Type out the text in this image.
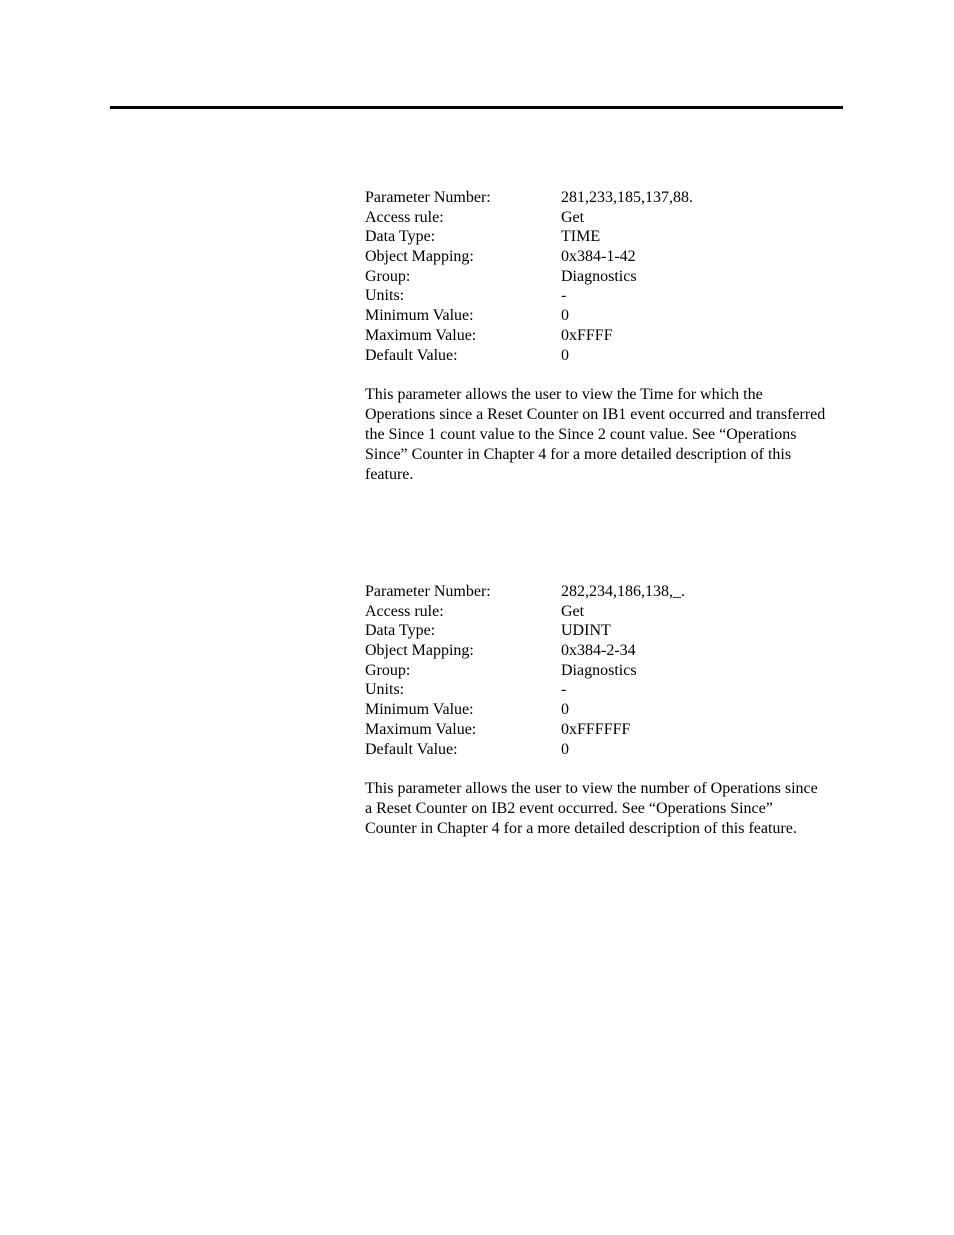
Parameter Number:	281,233,185,137,88.
Access rule:	Get
Data Type:	TIME
Object Mapping:	0x384-1-42
Group:	Diagnostics
Units:	-
Minimum Value:	0
Maximum Value:	0xFFFF
Default Value:	0

This parameter allows the user to view the Time for which the Operations since a Reset Counter on IB1 event occurred and transferred the Since 1 count value to the Since 2 count value. See “Operations Since” Counter in Chapter 4 for a more detailed description of this feature.

Parameter Number:	282,234,186,138,_.
Access rule:	Get
Data Type:	UDINT
Object Mapping:	0x384-2-34
Group:	Diagnostics
Units:	-
Minimum Value:	0
Maximum Value:	0xFFFFFF
Default Value:	0

This parameter allows the user to view the number of Operations since a Reset Counter on IB2 event occurred. See “Operations Since” Counter in Chapter 4 for a more detailed description of this feature.
